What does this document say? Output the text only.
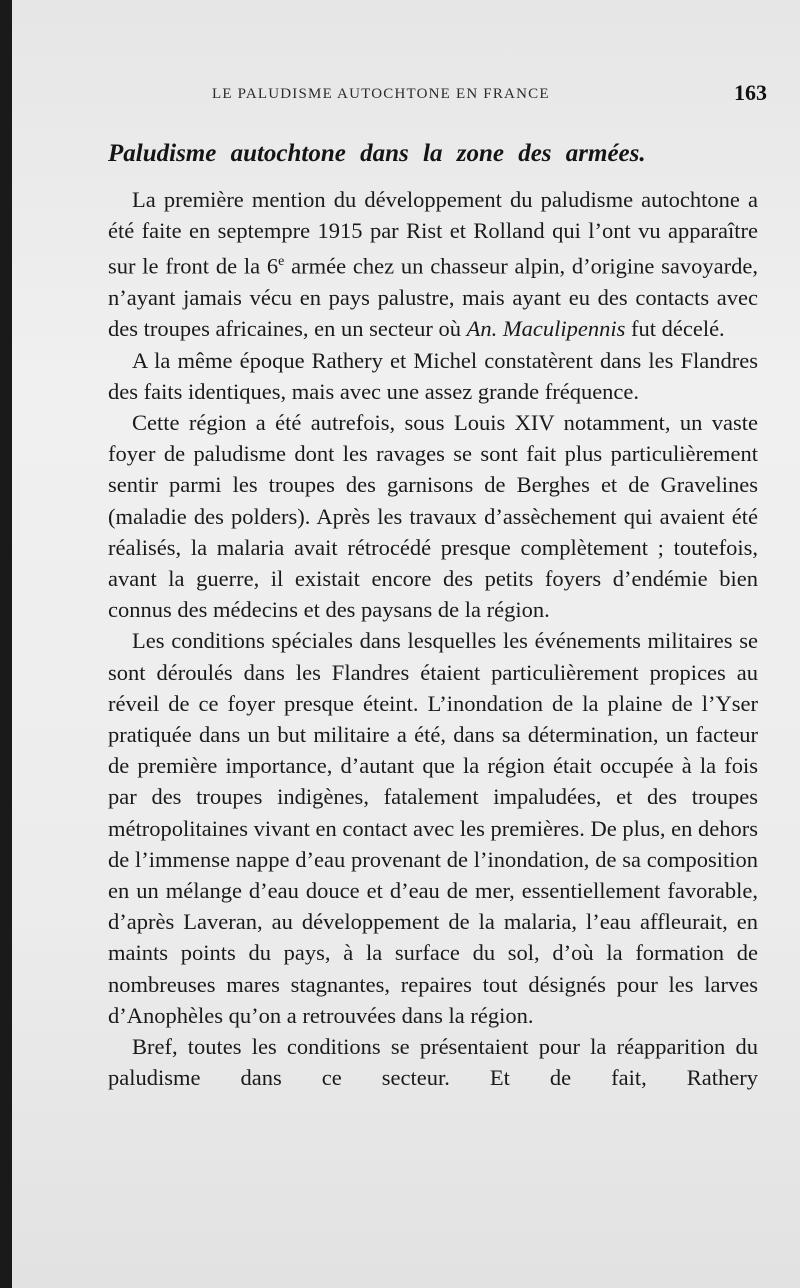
LE PALUDISME AUTOCHTONE EN FRANCE	163
Paludisme autochtone dans la zone des armées.

La première mention du développement du paludisme autochtone a été faite en septempre 1915 par Rist et Rolland qui l’ont vu apparaître sur le front de la 6e armée chez un chasseur alpin, d’origine savoyarde, n’ayant jamais vécu en pays palustre, mais ayant eu des contacts avec des troupes africaines, en un secteur où An. Maculipennis fut décelé.

A la même époque Rathery et Michel constatèrent dans les Flandres des faits identiques, mais avec une assez grande fréquence.

Cette région a été autrefois, sous Louis XIV notamment, un vaste foyer de paludisme dont les ravages se sont fait plus particulièrement sentir parmi les troupes des garnisons de Berghes et de Gravelines (maladie des polders). Après les travaux d’assèchement qui avaient été réalisés, la malaria avait rétrocédé presque complètement ; toutefois, avant la guerre, il existait encore des petits foyers d’endémie bien connus des médecins et des paysans de la région.

Les conditions spéciales dans lesquelles les événements militaires se sont déroulés dans les Flandres étaient particulièrement propices au réveil de ce foyer presque éteint. L’inondation de la plaine de l’Yser pratiquée dans un but militaire a été, dans sa détermination, un facteur de première importance, d’autant que la région était occupée à la fois par des troupes indigènes, fatalement impaludées, et des troupes métropolitaines vivant en contact avec les premières. De plus, en dehors de l’immense nappe d’eau provenant de l’inondation, de sa composition en un mélange d’eau douce et d’eau de mer, essentiellement favorable, d’après Laveran, au développement de la malaria, l’eau affleurait, en maints points du pays, à la surface du sol, d’où la formation de nombreuses mares stagnantes, repaires tout désignés pour les larves d’Anophèles qu’on a retrouvées dans la région.

Bref, toutes les conditions se présentaient pour la réapparition du paludisme dans ce secteur. Et de fait, Rathery
